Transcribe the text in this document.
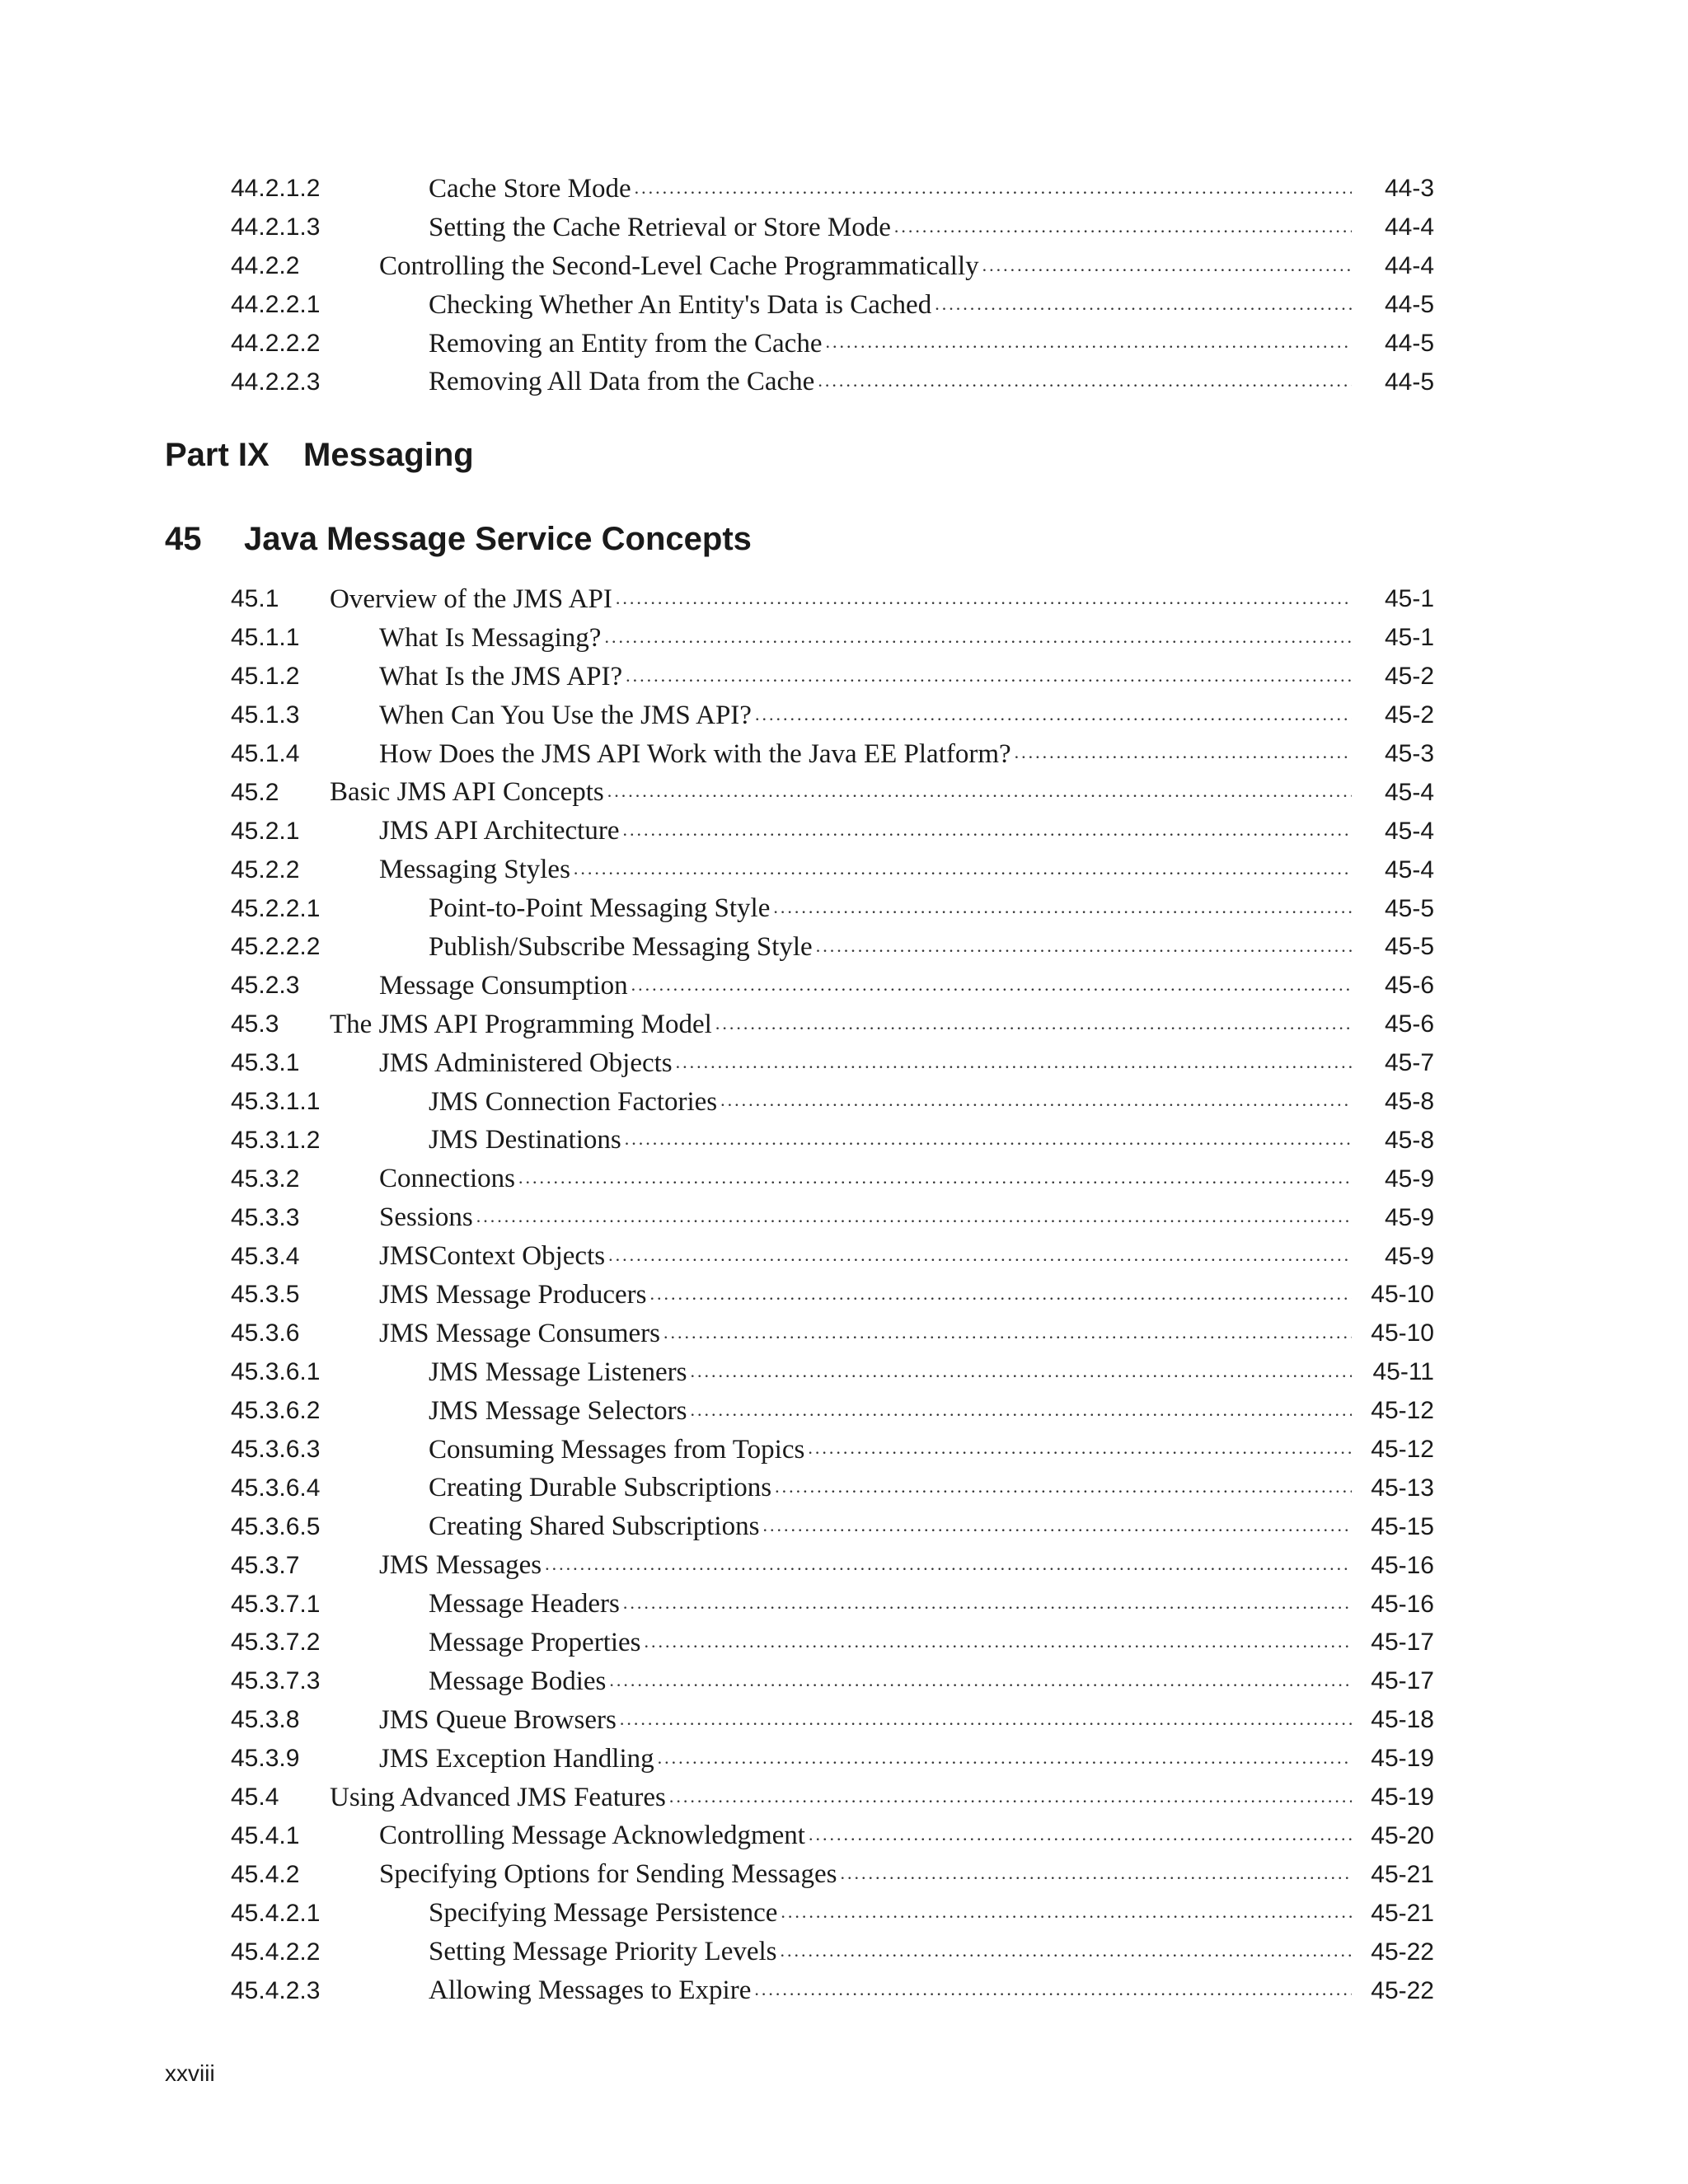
44.2.1.2	Cache Store Mode .....	44-3
44.2.1.3	Setting the Cache Retrieval or Store Mode .....	44-4
44.2.2	Controlling the Second-Level Cache Programmatically .....	44-4
44.2.2.1	Checking Whether An Entity's Data is Cached .....	44-5
44.2.2.2	Removing an Entity from the Cache .....	44-5
44.2.2.3	Removing All Data from the Cache .....	44-5
Part IX Messaging
45 Java Message Service Concepts
45.1	Overview of the JMS API .....	45-1
45.1.1	What Is Messaging? .....	45-1
45.1.2	What Is the JMS API? .....	45-2
45.1.3	When Can You Use the JMS API? .....	45-2
45.1.4	How Does the JMS API Work with the Java EE Platform? .....	45-3
45.2	Basic JMS API Concepts .....	45-4
45.2.1	JMS API Architecture .....	45-4
45.2.2	Messaging Styles .....	45-4
45.2.2.1	Point-to-Point Messaging Style .....	45-5
45.2.2.2	Publish/Subscribe Messaging Style .....	45-5
45.2.3	Message Consumption .....	45-6
45.3	The JMS API Programming Model .....	45-6
45.3.1	JMS Administered Objects .....	45-7
45.3.1.1	JMS Connection Factories .....	45-8
45.3.1.2	JMS Destinations .....	45-8
45.3.2	Connections .....	45-9
45.3.3	Sessions .....	45-9
45.3.4	JMSContext Objects .....	45-9
45.3.5	JMS Message Producers .....	45-10
45.3.6	JMS Message Consumers .....	45-10
45.3.6.1	JMS Message Listeners .....	45-11
45.3.6.2	JMS Message Selectors .....	45-12
45.3.6.3	Consuming Messages from Topics .....	45-12
45.3.6.4	Creating Durable Subscriptions .....	45-13
45.3.6.5	Creating Shared Subscriptions .....	45-15
45.3.7	JMS Messages .....	45-16
45.3.7.1	Message Headers .....	45-16
45.3.7.2	Message Properties .....	45-17
45.3.7.3	Message Bodies .....	45-17
45.3.8	JMS Queue Browsers .....	45-18
45.3.9	JMS Exception Handling .....	45-19
45.4	Using Advanced JMS Features .....	45-19
45.4.1	Controlling Message Acknowledgment .....	45-20
45.4.2	Specifying Options for Sending Messages .....	45-21
45.4.2.1	Specifying Message Persistence .....	45-21
45.4.2.2	Setting Message Priority Levels .....	45-22
45.4.2.3	Allowing Messages to Expire .....	45-22
xxviii
